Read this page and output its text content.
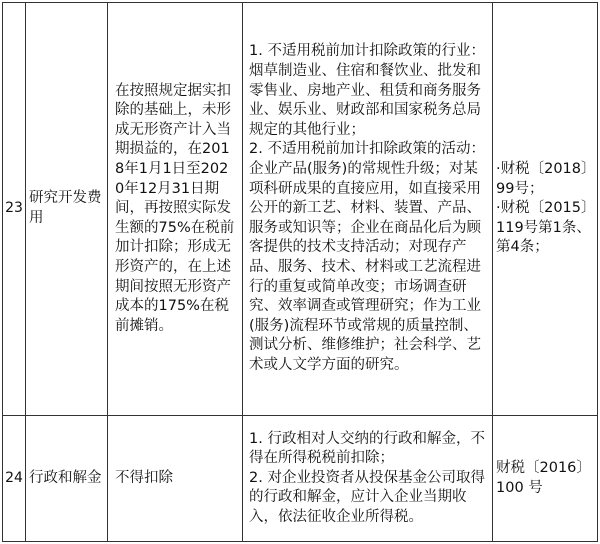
23	研究开发费用	在按照规定据实扣除的基础上，未形成无形资产计入当期损益的，在2018年1月1日至2020年12月31日期间，再按照实际发生额的75%在税前加计扣除；形成无形资产的，在上述期间按照无形资产成本的175%在税前摊销。	1. 不适用税前加计扣除政策的行业：烟草制造业、住宿和餐饮业、批发和零售业、房地产业、租赁和商务服务业、娱乐业、财政部和国家税务总局规定的其他行业；
2. 不适用税前加计扣除政策的活动：企业产品(服务)的常规性升级；对某项科研成果的直接应用，如直接采用公开的新工艺、材料、装置、产品、服务或知识等；企业在商品化后为顾客提供的技术支持活动；对现存产品、服务、技术、材料或工艺流程进行的重复或简单改变；市场调查研究、效率调查或管理研究；作为工业(服务)流程环节或常规的质量控制、测试分析、维修维护；社会科学、艺术或人文学方面的研究。	·财税〔2018〕99号；
·财税〔2015〕119号第1条、第4条；

24	行政和解金	不得扣除	1. 行政相对人交纳的行政和解金，不得在所得税税前扣除；
2. 对企业投资者从投保基金公司取得的行政和解金，应计入企业当期收入，依法征收企业所得税。	财税〔2016〕100 号
